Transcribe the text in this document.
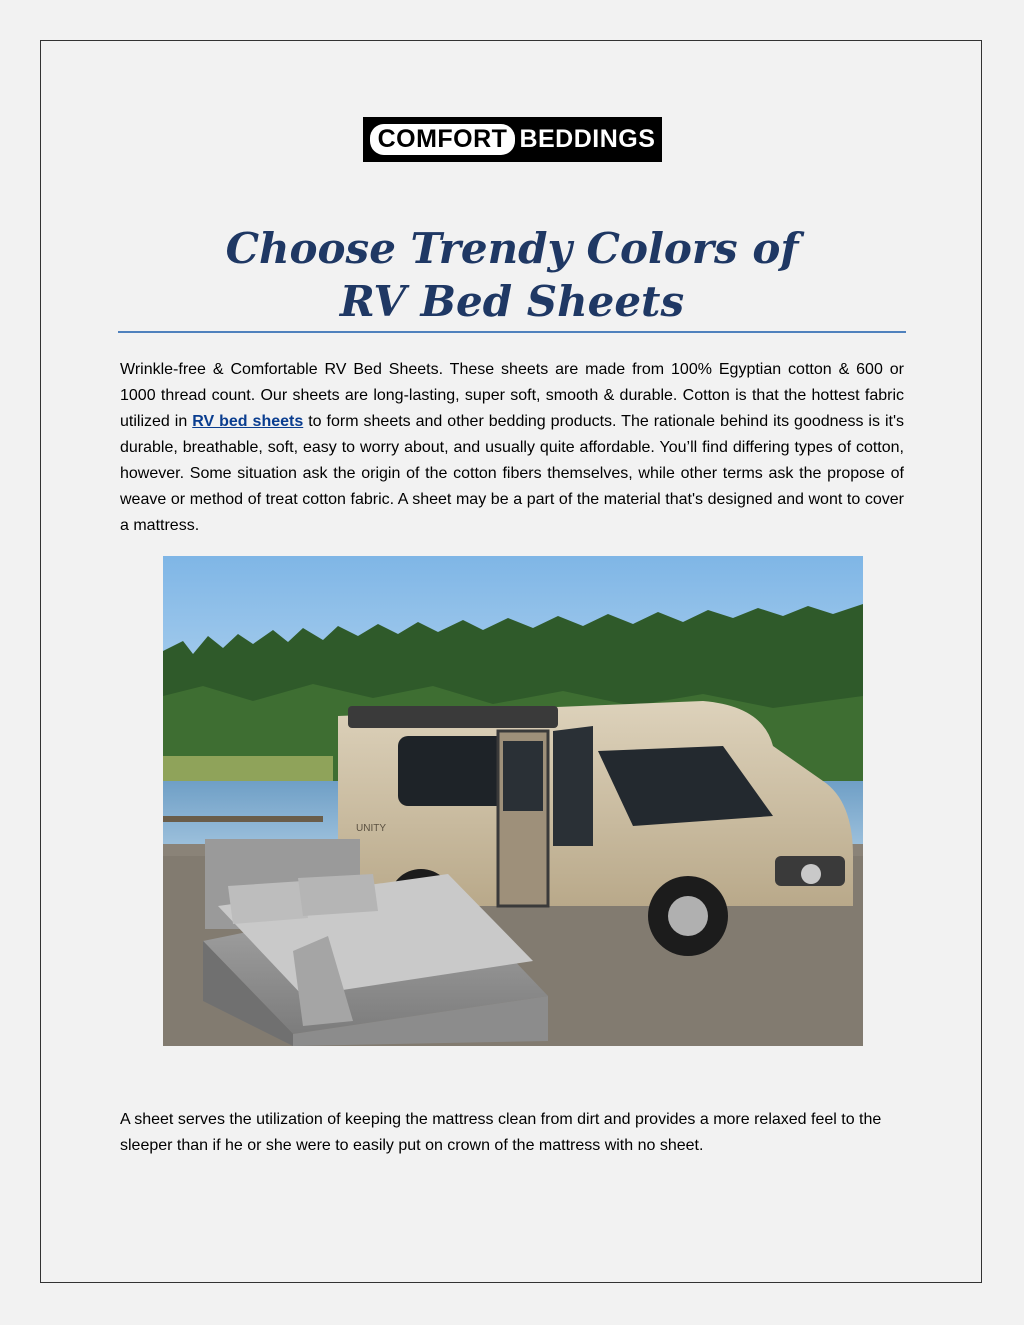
COMFORT BEDDINGS
Choose Trendy Colors of
RV Bed Sheets

Wrinkle-free & Comfortable RV Bed Sheets. These sheets are made from 100% Egyptian cotton & 600 or 1000 thread count. Our sheets are long-lasting, super soft, smooth & durable. Cotton is that the hottest fabric utilized in RV bed sheets to form sheets and other bedding products. The rationale behind its goodness is it's durable, breathable, soft, easy to worry about, and usually quite affordable. You’ll find differing types of cotton, however. Some situation ask the origin of the cotton fibers themselves, while other terms ask the propose of weave or method of treat cotton fabric. A sheet may be a part of the material that's designed and wont to cover a mattress.

UNITY

A sheet serves the utilization of keeping the mattress clean from dirt and provides a more relaxed feel to the sleeper than if he or she were to easily put on crown of the mattress with no sheet.
